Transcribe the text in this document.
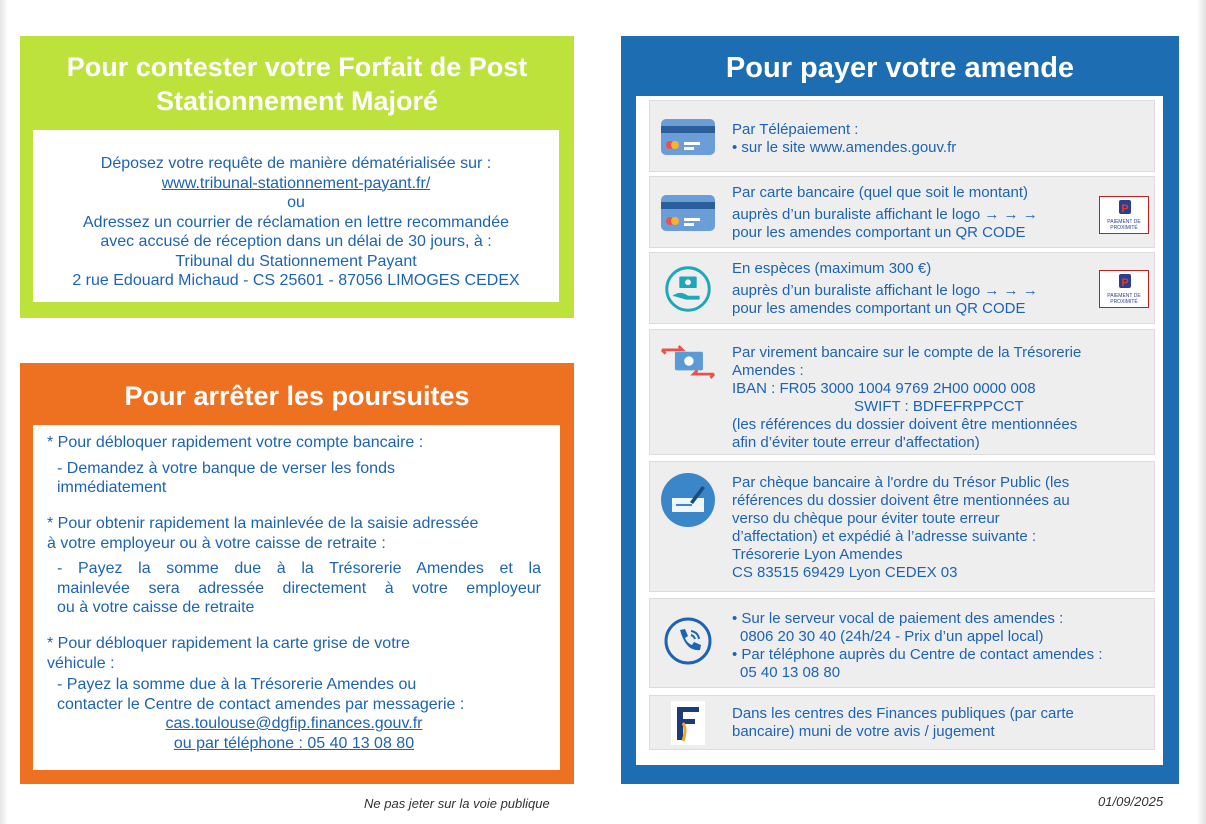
Pour contester votre Forfait de Post
Stationnement Majoré
Déposez votre requête de manière dématérialisée sur :
www.tribunal-stationnement-payant.fr/
ou
Adressez un courrier de réclamation en lettre recommandée
avec accusé de réception dans un délai de 30 jours, à :
Tribunal du Stationnement Payant
2 rue Edouard Michaud - CS 25601 - 87056 LIMOGES CEDEX
Pour arrêter les poursuites
* Pour débloquer rapidement votre compte bancaire :
- Demandez à votre banque de verser les fonds
immédiatement
* Pour obtenir rapidement la mainlevée de la saisie adressée
à votre employeur ou à votre caisse de retraite :
- Payez la somme due à la Trésorerie Amendes et la
mainlevée sera adressée directement à votre employeur
ou à votre caisse de retraite
* Pour débloquer rapidement la carte grise de votre
véhicule :
- Payez la somme due à la Trésorerie Amendes ou
contacter le Centre de contact amendes par messagerie :
cas.toulouse@dgfip.finances.gouv.fr
ou par téléphone : 05 40 13 08 80
Ne pas jeter sur la voie publique
Pour payer votre amende
Par Télépaiement :
• sur le site www.amendes.gouv.fr
Par carte bancaire (quel que soit le montant)
auprès d’un buraliste affichant le logo → → →
pour les amendes comportant un QR CODE
P
PAIEMENT DE
PROXIMITÉ
En espèces (maximum 300 €)
auprès d’un buraliste affichant le logo → → →
pour les amendes comportant un QR CODE
P
PAIEMENT DE
PROXIMITÉ
Par virement bancaire sur le compte de la Trésorerie
Amendes :
IBAN : FR05 3000 1004 9769 2H00 0000 008
SWIFT : BDFEFRPPCCT
(les références du dossier doivent être mentionnées
afin d’éviter toute erreur d'affectation)
Par chèque bancaire à l'ordre du Trésor Public (les
références du dossier doivent être mentionnées au
verso du chèque pour éviter toute erreur
d’affectation) et expédié à l’adresse suivante :
Trésorerie Lyon Amendes
CS 83515 69429 Lyon CEDEX 03
• Sur le serveur vocal de paiement des amendes :
0806 20 30 40 (24h/24 - Prix d’un appel local)
• Par téléphone auprès du Centre de contact amendes :
05 40 13 08 80
Dans les centres des Finances publiques (par carte
bancaire) muni de votre avis / jugement
01/09/2025
